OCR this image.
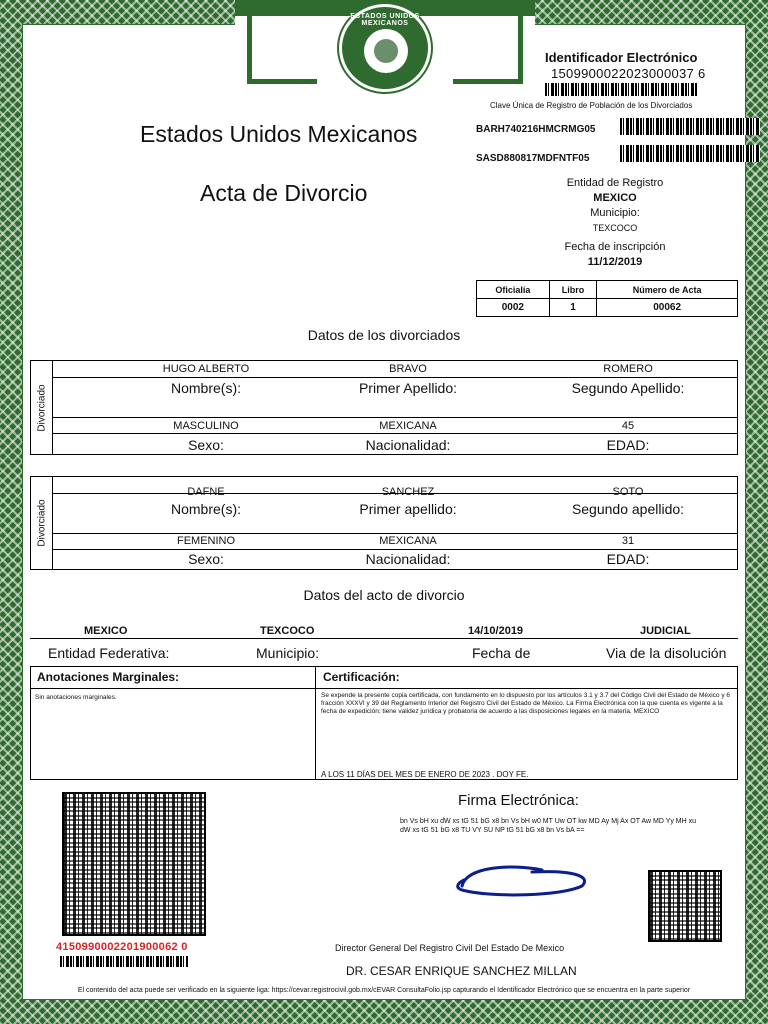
ESTADOS UNIDOS MEXICANOS
Estados Unidos Mexicanos
Acta de Divorcio
Identificador Electrónico
1509900022023000037 6
Clave Única de Registro de Población de los Divorciados
BARH740216HMCRMG05
SASD880817MDFNTF05
Entidad de Registro
MEXICO
Municipio:
TEXCOCO
Fecha de inscripción
11/12/2019
Oficialía	Libro	Número de Acta
0002	1	00062
Datos de los divorciados
Divorciado
HUGO ALBERTO	BRAVO	ROMERO
Nombre(s):	Primer Apellido:	Segundo Apellido:
MASCULINO	MEXICANA	45
Sexo:	Nacionalidad:	EDAD:
Divorciado
DAFNE	SANCHEZ	SOTO
Nombre(s):	Primer apellido:	Segundo apellido:
FEMENINO	MEXICANA	31
Sexo:	Nacionalidad:	EDAD:
Datos del acto de divorcio
MEXICO	TEXCOCO	14/10/2019	JUDICIAL
Entidad Federativa:	Municipio:	Fecha de	Via de la disolución
Anotaciones Marginales:	Certificación:
Sin anotaciones marginales.	Se expende la presente copia certificada, con fundamento en lo dispuesto por los artículos 3.1 y 3.7 del Código Civil del Estado de México y 6 fracción XXXVI y 39 del Reglamento Interior del Registro Civil del Estado de México. La Firma Electrónica con la que cuenta es vigente a la fecha de expedición; tiene validez jurídica y probatoria de acuerdo a las disposiciones legales en la materia. MEXICO
A LOS 11 DÍAS DEL MES DE ENERO DE 2023 . DOY FE.
4150990002201900062 0
Firma Electrónica:
bn Vs bH xu dW xs tG 51 bG x8 bn Vs bH w0 MT Uw OT kw MD Ay Mj Ax OT Aw MD Yy MH xu dW xs tG 51 bG x8 TU VY SU NP tG 51 bG x8 bn Vs bA ==
Director General Del Registro Civil Del Estado De Mexico
DR. CESAR ENRIQUE SANCHEZ MILLAN
El contenido del acta puede ser verificado en la siguiente liga: https://cevar.registrocivil.gob.mx/cEVAR ConsultaFolio.jsp capturando el Identificador Electrónico que se encuentra en la parte superior
